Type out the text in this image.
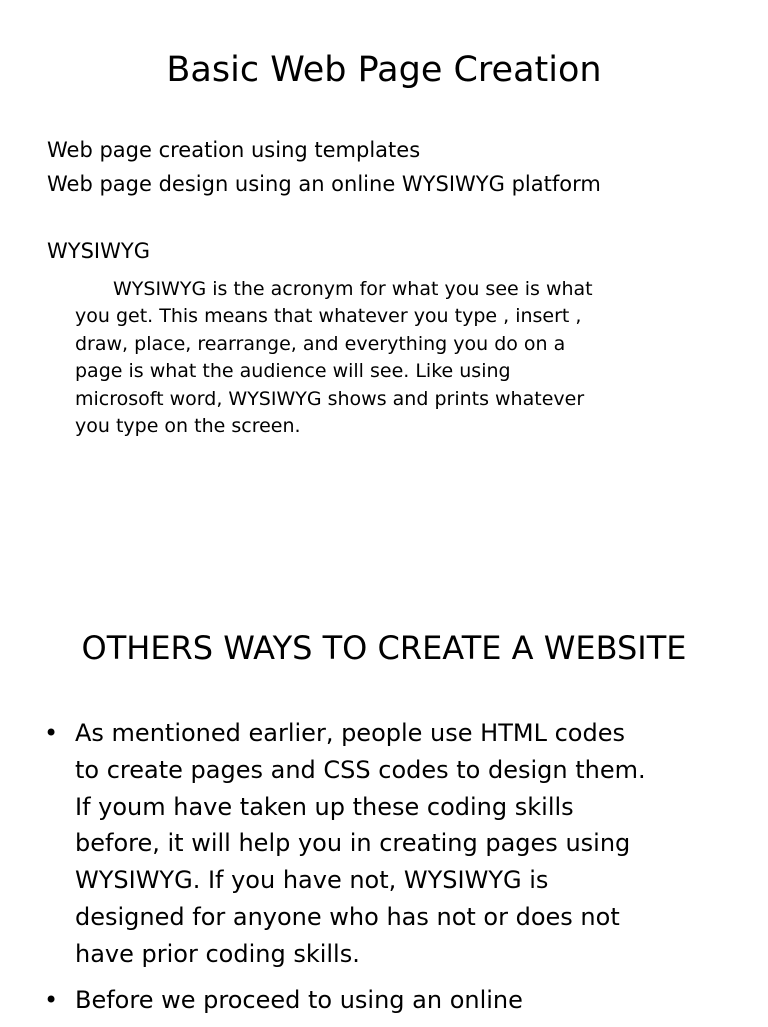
Basic Web Page Creation
Web page creation using templates
Web page design using an online WYSIWYG platform
WYSIWYG

WYSIWYG is the acronym for what you see is what
you get. This means that whatever you type , insert ,
draw, place, rearrange, and everything you do on a
page is what the audience will see. Like using
microsoft word, WYSIWYG shows and prints whatever
you type on the screen.

OTHERS WAYS TO CREATE A WEBSITE
• As mentioned earlier, people use HTML codes
to create pages and CSS codes to design them.
If youm have taken up these coding skills
before, it will help you in creating pages using
WYSIWYG. If you have not, WYSIWYG is
designed for anyone who has not or does not
have prior coding skills.
• Before we proceed to using an online
